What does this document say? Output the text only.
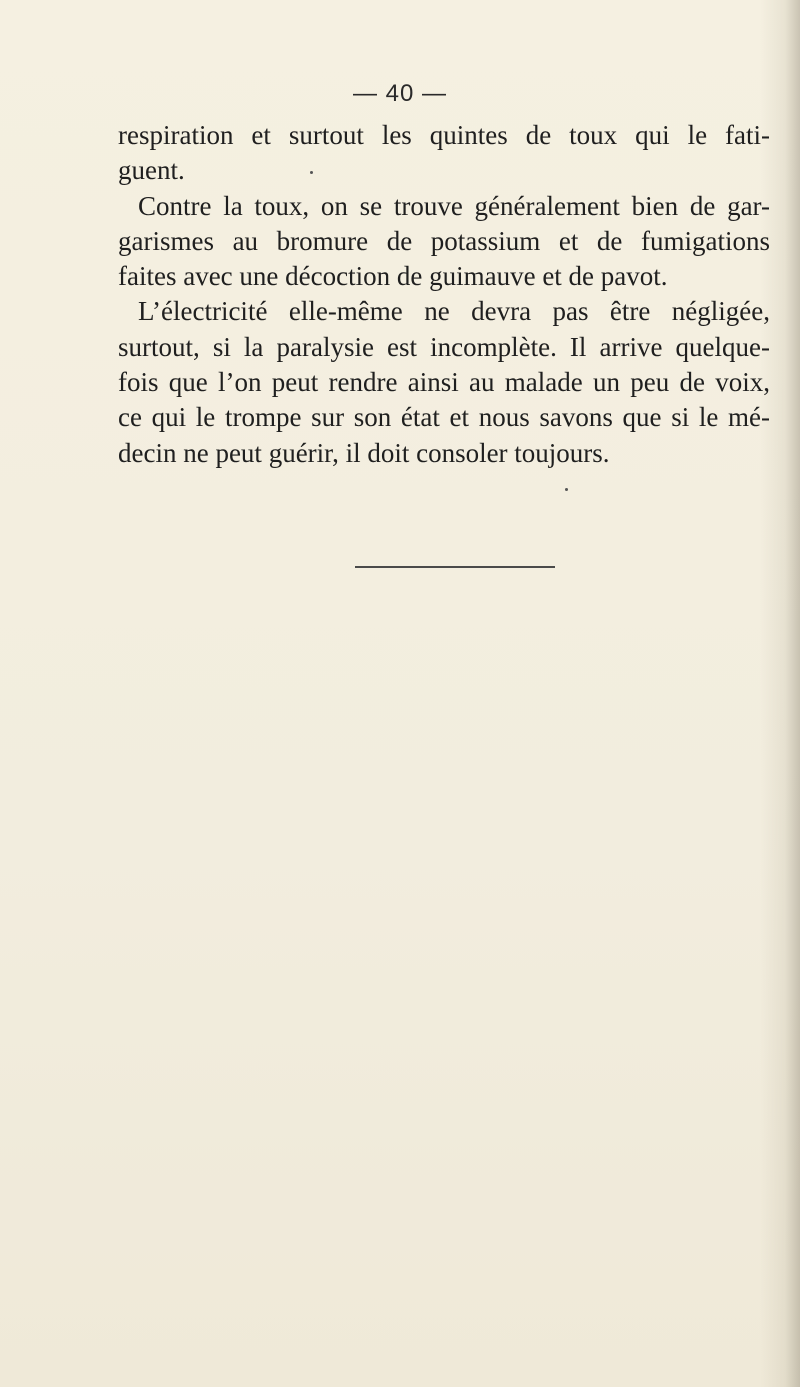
— 40 —
respiration et surtout les quintes de toux qui le fati-
guent.
Contre la toux, on se trouve généralement bien de gar-
garismes au bromure de potassium et de fumigations
faites avec une décoction de guimauve et de pavot.
L’électricité elle-même ne devra pas être négligée,
surtout, si la paralysie est incomplète. Il arrive quelque-
fois que l’on peut rendre ainsi au malade un peu de voix,
ce qui le trompe sur son état et nous savons que si le mé-
decin ne peut guérir, il doit consoler toujours.
